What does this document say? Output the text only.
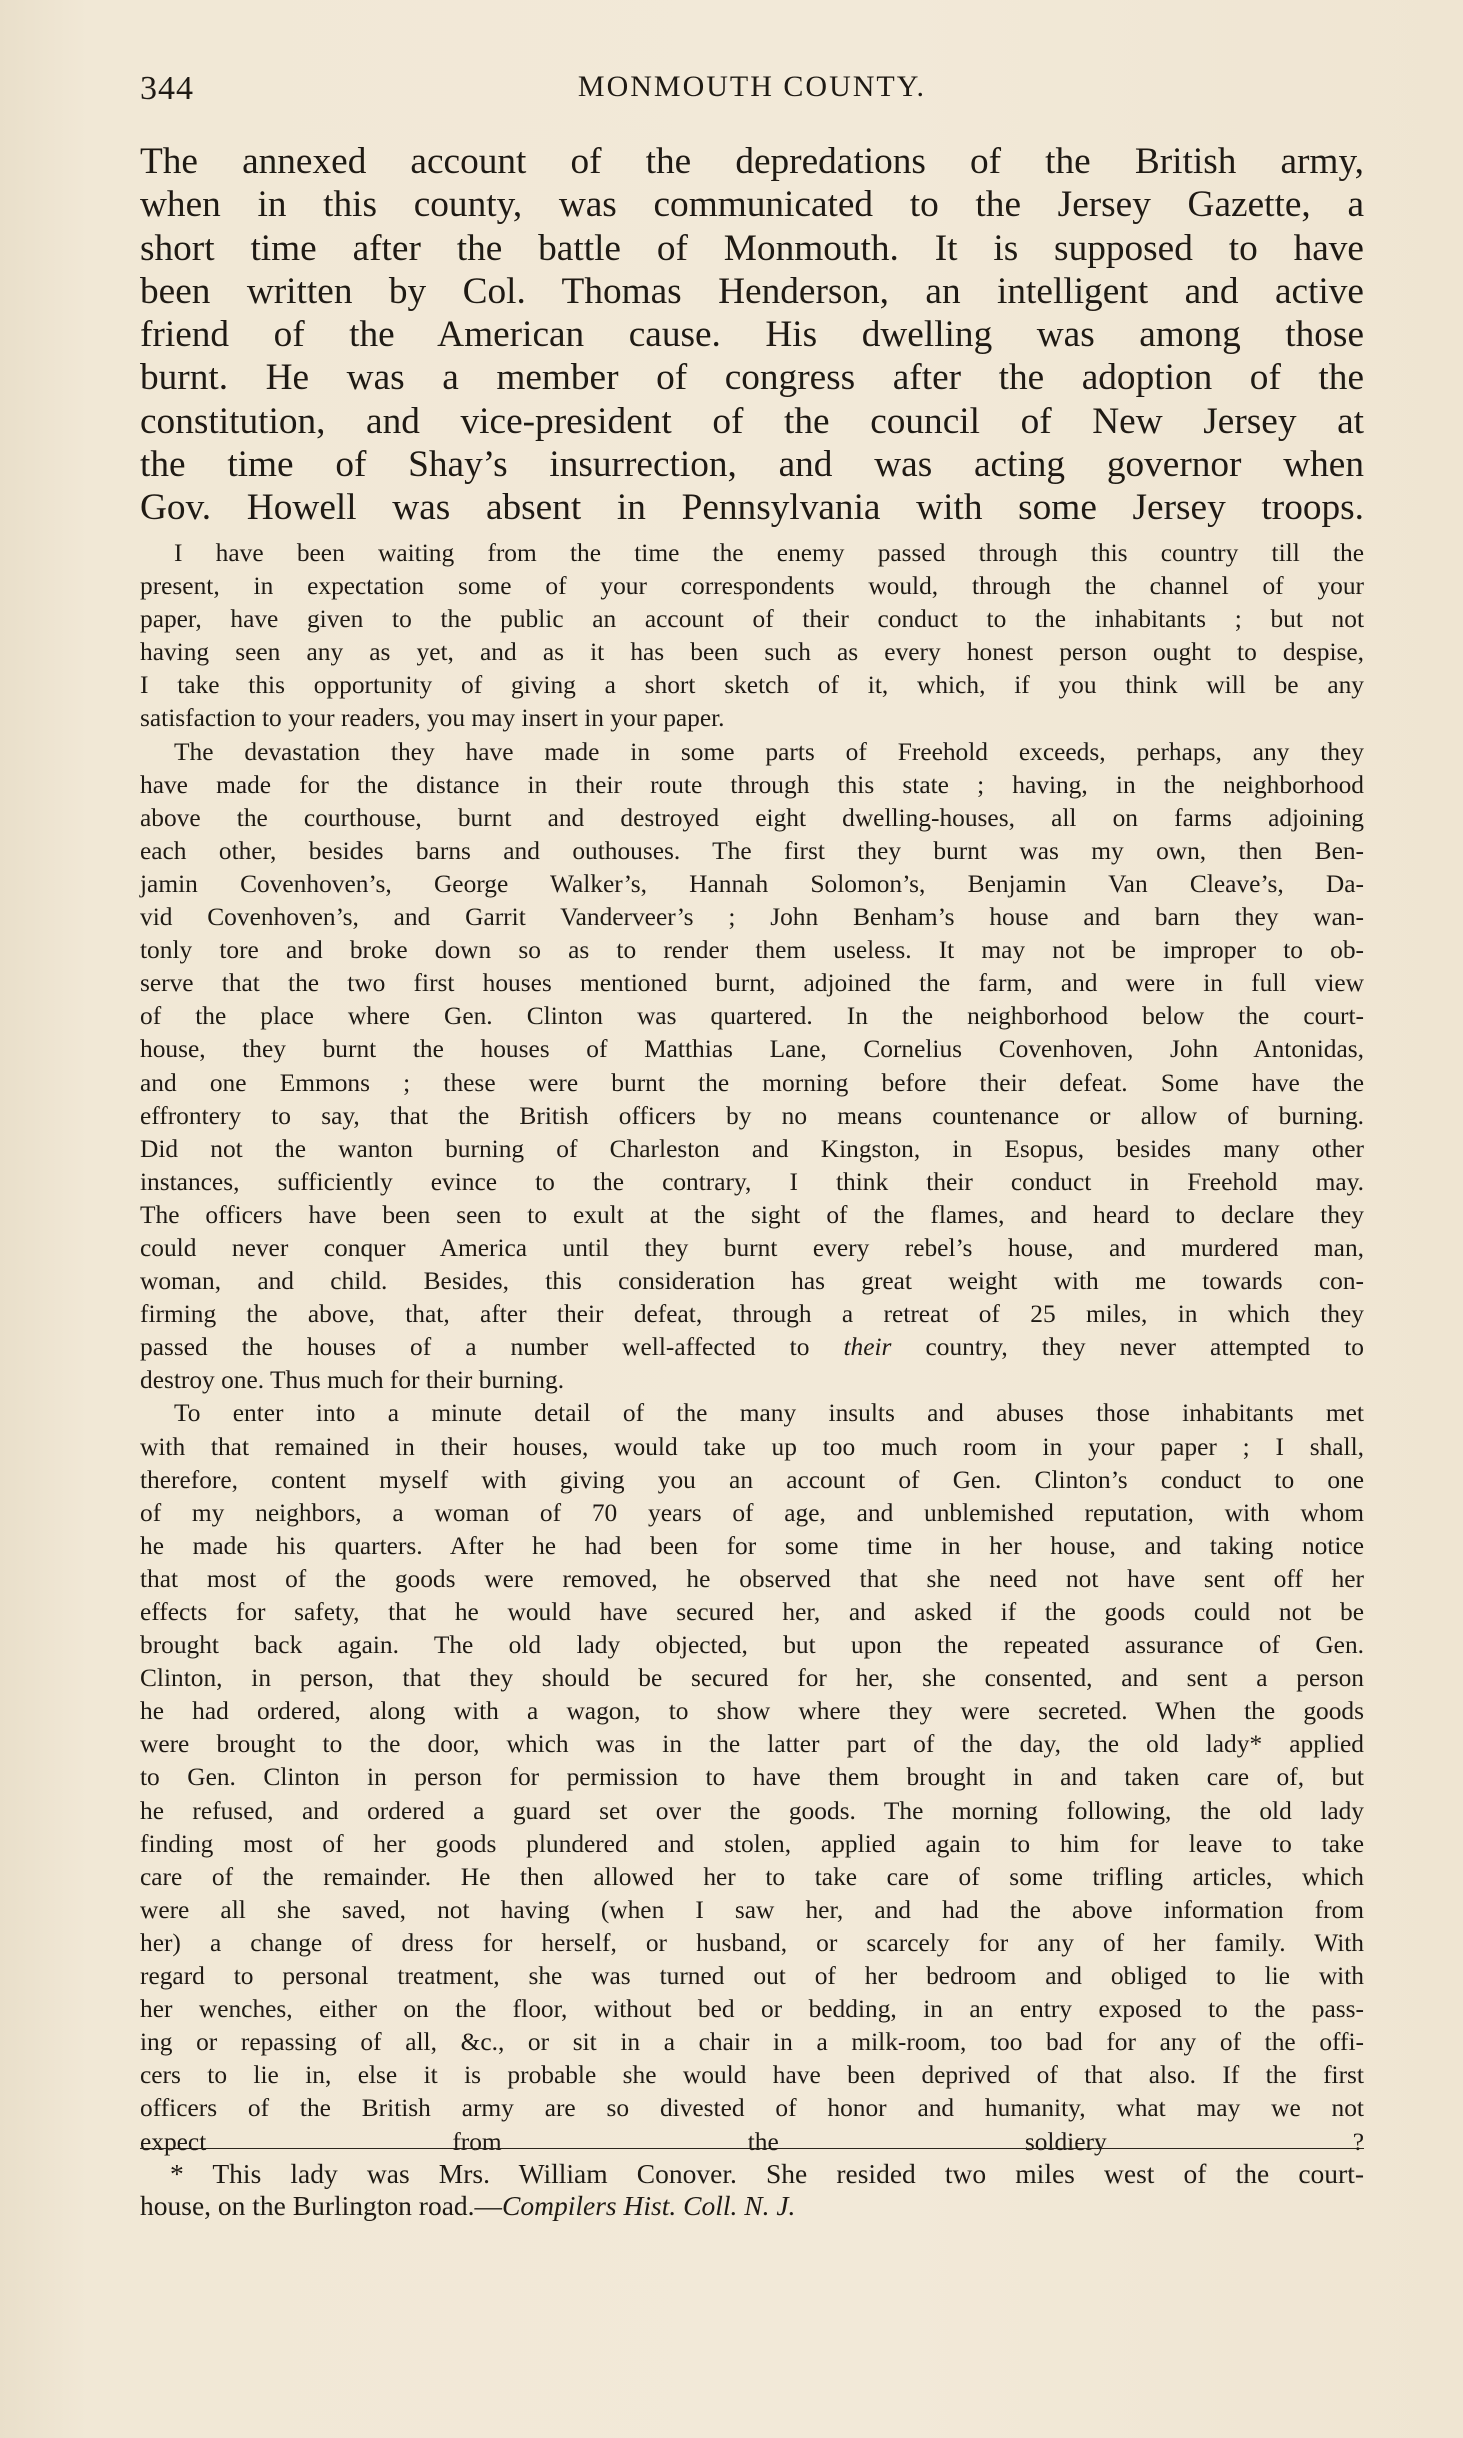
344	MONMOUTH COUNTY.

The annexed account of the depredations of the British army,
when in this county, was communicated to the Jersey Gazette, a
short time after the battle of Monmouth. It is supposed to have
been written by Col. Thomas Henderson, an intelligent and active
friend of the American cause. His dwelling was among those
burnt. He was a member of congress after the adoption of the
constitution, and vice-president of the council of New Jersey at
the time of Shay’s insurrection, and was acting governor when
Gov. Howell was absent in Pennsylvania with some Jersey troops.

I have been waiting from the time the enemy passed through this country till the
present, in expectation some of your correspondents would, through the channel of your
paper, have given to the public an account of their conduct to the inhabitants ; but not
having seen any as yet, and as it has been such as every honest person ought to despise,
I take this opportunity of giving a short sketch of it, which, if you think will be any
satisfaction to your readers, you may insert in your paper.
The devastation they have made in some parts of Freehold exceeds, perhaps, any they
have made for the distance in their route through this state ; having, in the neighborhood
above the courthouse, burnt and destroyed eight dwelling-houses, all on farms adjoining
each other, besides barns and outhouses. The first they burnt was my own, then Ben-
jamin Covenhoven’s, George Walker’s, Hannah Solomon’s, Benjamin Van Cleave’s, Da-
vid Covenhoven’s, and Garrit Vanderveer’s ; John Benham’s house and barn they wan-
tonly tore and broke down so as to render them useless. It may not be improper to ob-
serve that the two first houses mentioned burnt, adjoined the farm, and were in full view
of the place where Gen. Clinton was quartered. In the neighborhood below the court-
house, they burnt the houses of Matthias Lane, Cornelius Covenhoven, John Antonidas,
and one Emmons ; these were burnt the morning before their defeat. Some have the
effrontery to say, that the British officers by no means countenance or allow of burning.
Did not the wanton burning of Charleston and Kingston, in Esopus, besides many other
instances, sufficiently evince to the contrary, I think their conduct in Freehold may.
The officers have been seen to exult at the sight of the flames, and heard to declare they
could never conquer America until they burnt every rebel’s house, and murdered man,
woman, and child. Besides, this consideration has great weight with me towards con-
firming the above, that, after their defeat, through a retreat of 25 miles, in which they
passed the houses of a number well-affected to their country, they never attempted to
destroy one. Thus much for their burning.
To enter into a minute detail of the many insults and abuses those inhabitants met
with that remained in their houses, would take up too much room in your paper ; I shall,
therefore, content myself with giving you an account of Gen. Clinton’s conduct to one
of my neighbors, a woman of 70 years of age, and unblemished reputation, with whom
he made his quarters. After he had been for some time in her house, and taking notice
that most of the goods were removed, he observed that she need not have sent off her
effects for safety, that he would have secured her, and asked if the goods could not be
brought back again. The old lady objected, but upon the repeated assurance of Gen.
Clinton, in person, that they should be secured for her, she consented, and sent a person
he had ordered, along with a wagon, to show where they were secreted. When the goods
were brought to the door, which was in the latter part of the day, the old lady* applied
to Gen. Clinton in person for permission to have them brought in and taken care of, but
he refused, and ordered a guard set over the goods. The morning following, the old lady
finding most of her goods plundered and stolen, applied again to him for leave to take
care of the remainder. He then allowed her to take care of some trifling articles, which
were all she saved, not having (when I saw her, and had the above information from
her) a change of dress for herself, or husband, or scarcely for any of her family. With
regard to personal treatment, she was turned out of her bedroom and obliged to lie with
her wenches, either on the floor, without bed or bedding, in an entry exposed to the pass-
ing or repassing of all, &c., or sit in a chair in a milk-room, too bad for any of the offi-
cers to lie in, else it is probable she would have been deprived of that also. If the first
officers of the British army are so divested of honor and humanity, what may we not
expect from the soldiery ?
* This lady was Mrs. William Conover. She resided two miles west of the court-
house, on the Burlington road.—Compilers Hist. Coll. N. J.
